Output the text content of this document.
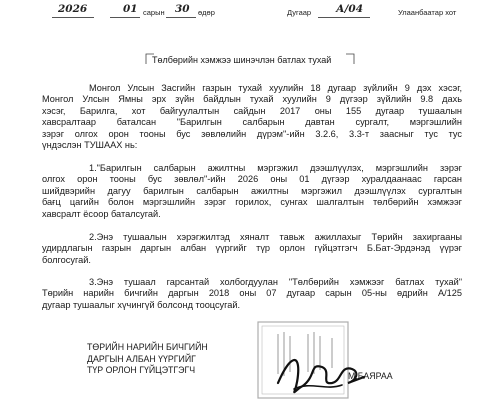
2026	01 сарын 30 өдөр	Дугаар А/04	Улаанбаатар хот
Төлбөрийн хэмжээ шинэчлэн батлах тухай
Монгол Улсын Засгийн газрын тухай хуулийн 18 дугаар зүйлийн 9 дэх хэсэг,
Монгол Улсын Ямны эрх зүйн байдлын тухай хуулийн 9 дүгээр зүйлийн 9.8 дахь
хэсэг, Барилга, хот байгуулалтын сайдын 2017 оны 155 дугаар тушаалын
хавсралтаар баталсан "Барилгын салбарын давтан сургалт, мэргэшлийн
зэрэг олгох орон тооны бус зөвлөлийн дүрэм"-ийн 3.2.6, 3.3-т заасныг тус тус
үндэслэн ТУШААХ нь:
1."Барилгын салбарын ажилтны мэргэжил дээшлүүлэх, мэргэшлийн зэрэг
олгох орон тооны бус зөвлөл"-ийн 2026 оны 01 дүгээр хуралдаанаас гарсан
шийдвэрийн дагуу барилгын салбарын ажилтны мэргэжил дээшлүүлэх сургалтын
бағц цагийн болон мэргэшлийн зэрэг горилох, сунгах шалгалтын төлбөрийн хэмжээг
хавсралт ёсоор баталсугай.
2.Энэ тушаалын хэрэгжилтэд хяналт тавьж ажиллахыг Төрийн захиргааны
удирдлагын газрын даргын албан үүргийг түр орлон гүйцэтгэгч Б.Бат-Эрдэнэд үүрэг
болгосугай.
3.Энэ тушаал гарсантай холбогдуулан "Төлбөрийн хэмжээг батлах тухай"
Төрийн нарийн бичгийн даргын 2018 оны 07 дугаар сарын 05-ны өдрийн А/125
дугаар тушаалыг хүчингүй болсонд тооцсугай.
ТӨРИЙН НАРИЙН БИЧГИЙН
ДАРГЫН АЛБАН ҮҮРГИЙГ
ТҮР ОРЛОН ГҮЙЦЭТГЭГЧ
М.БАЯРАА
